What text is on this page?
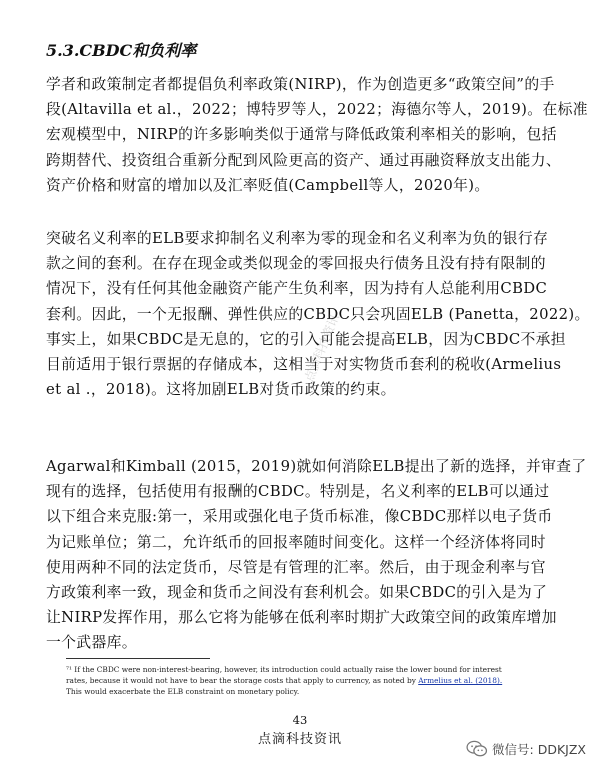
5.3.CBDC和负利率
学者和政策制定者都提倡负利率政策(NIRP)，作为创造更多“政策空间”的手
段(Altavilla et al.，2022；博特罗等人，2022；海德尔等人，2019)。在标准
宏观模型中，NIRP的许多影响类似于通常与降低政策利率相关的影响，包括
跨期替代、投资组合重新分配到风险更高的资产、通过再融资释放支出能力、
资产价格和财富的增加以及汇率贬值(Campbell等人，2020年)。
突破名义利率的ELB要求抑制名义利率为零的现金和名义利率为负的银行存
款之间的套利。在存在现金或类似现金的零回报央行债务且没有持有限制的
情况下，没有任何其他金融资产能产生负利率，因为持有人总能利用CBDC
套利。因此，一个无报酬、弹性供应的CBDC只会巩固ELB (Panetta，2022)。
事实上，如果CBDC是无息的，它的引入可能会提高ELB，因为CBDC不承担
目前适用于银行票据的存储成本，这相当于对实物货币套利的税收(Armelius
et al .，2018)。这将加剧ELB对货币政策的约束。
Agarwal和Kimball (2015，2019)就如何消除ELB提出了新的选择，并审查了
现有的选择，包括使用有报酬的CBDC。特别是，名义利率的ELB可以通过
以下组合来克服:第一，采用或强化电子货币标准，像CBDC那样以电子货币
为记账单位；第二，允许纸币的回报率随时间变化。这样一个经济体将同时
使用两种不同的法定货币，尽管是有管理的汇率。然后，由于现金利率与官
方政策利率一致，现金和货币之间没有套利机会。如果CBDC的引入是为了
让NIRP发挥作用，那么它将为能够在低利率时期扩大政策空间的政策库增加
一个武器库。
点滴科技资讯
⁷¹ If the CBDC were non-interest-bearing, however, its introduction could actually raise the lower bound for interest
rates, because it would not have to bear the storage costs that apply to currency, as noted by Armelius et al. (2018).
This would exacerbate the ELB constraint on monetary policy.
43
点滴科技资讯
微信号: DDKJZX
